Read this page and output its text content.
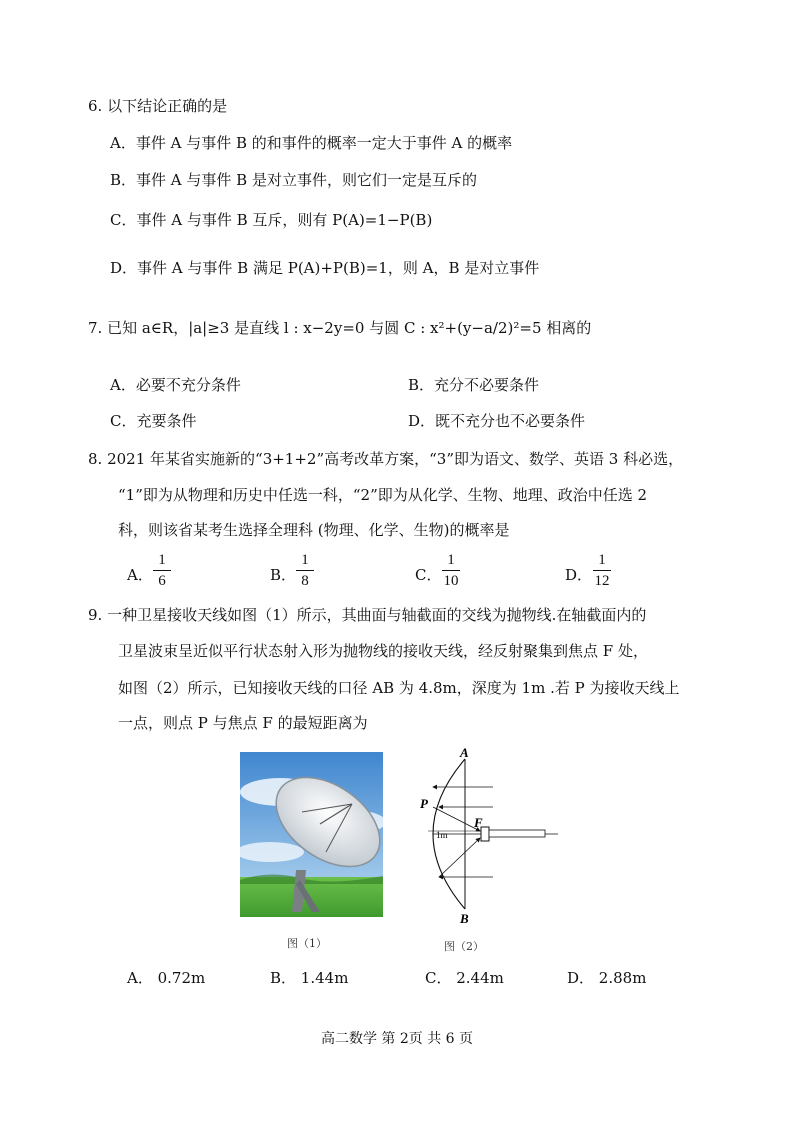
6. 以下结论正确的是
A．事件 A 与事件 B 的和事件的概率一定大于事件 A 的概率
B．事件 A 与事件 B 是对立事件，则它们一定是互斥的
C．事件 A 与事件 B 互斥，则有 P(A)=1−P(B)
D．事件 A 与事件 B 满足 P(A)+P(B)=1，则 A，B 是对立事件
7. 已知 a∈R，|a|≥3 是直线 l : x−2y=0 与圆 C : x²+(y−a/2)²=5 相离的
A．必要不充分条件	B．充分不必要条件
C．充要条件	D．既不充分也不必要条件
8. 2021 年某省实施新的“3+1+2”高考改革方案，“3”即为语文、数学、英语 3 科必选，
“1”即为从物理和历史中任选一科，“2”即为从化学、生物、地理、政治中任选 2
科，则该省某考生选择全理科 (物理、化学、生物)的概率是
A．
1
6	B．
1
8	C．
1
10	D．
1
12
9. 一种卫星接收天线如图（1）所示，其曲面与轴截面的交线为抛物线.在轴截面内的
卫星波束呈近似平行状态射入形为抛物线的接收天线，经反射聚集到焦点 F 处，
如图（2）所示，已知接收天线的口径 AB 为 4.8m，深度为 1m .若 P 为接收天线上
一点，则点 P 与焦点 F 的最短距离为
图（1）
A
B
P
F
1m
图（2）
A． 0.72m	B． 1.44m	C． 2.44m	D． 2.88m
高二数学 第 2页 共 6 页
